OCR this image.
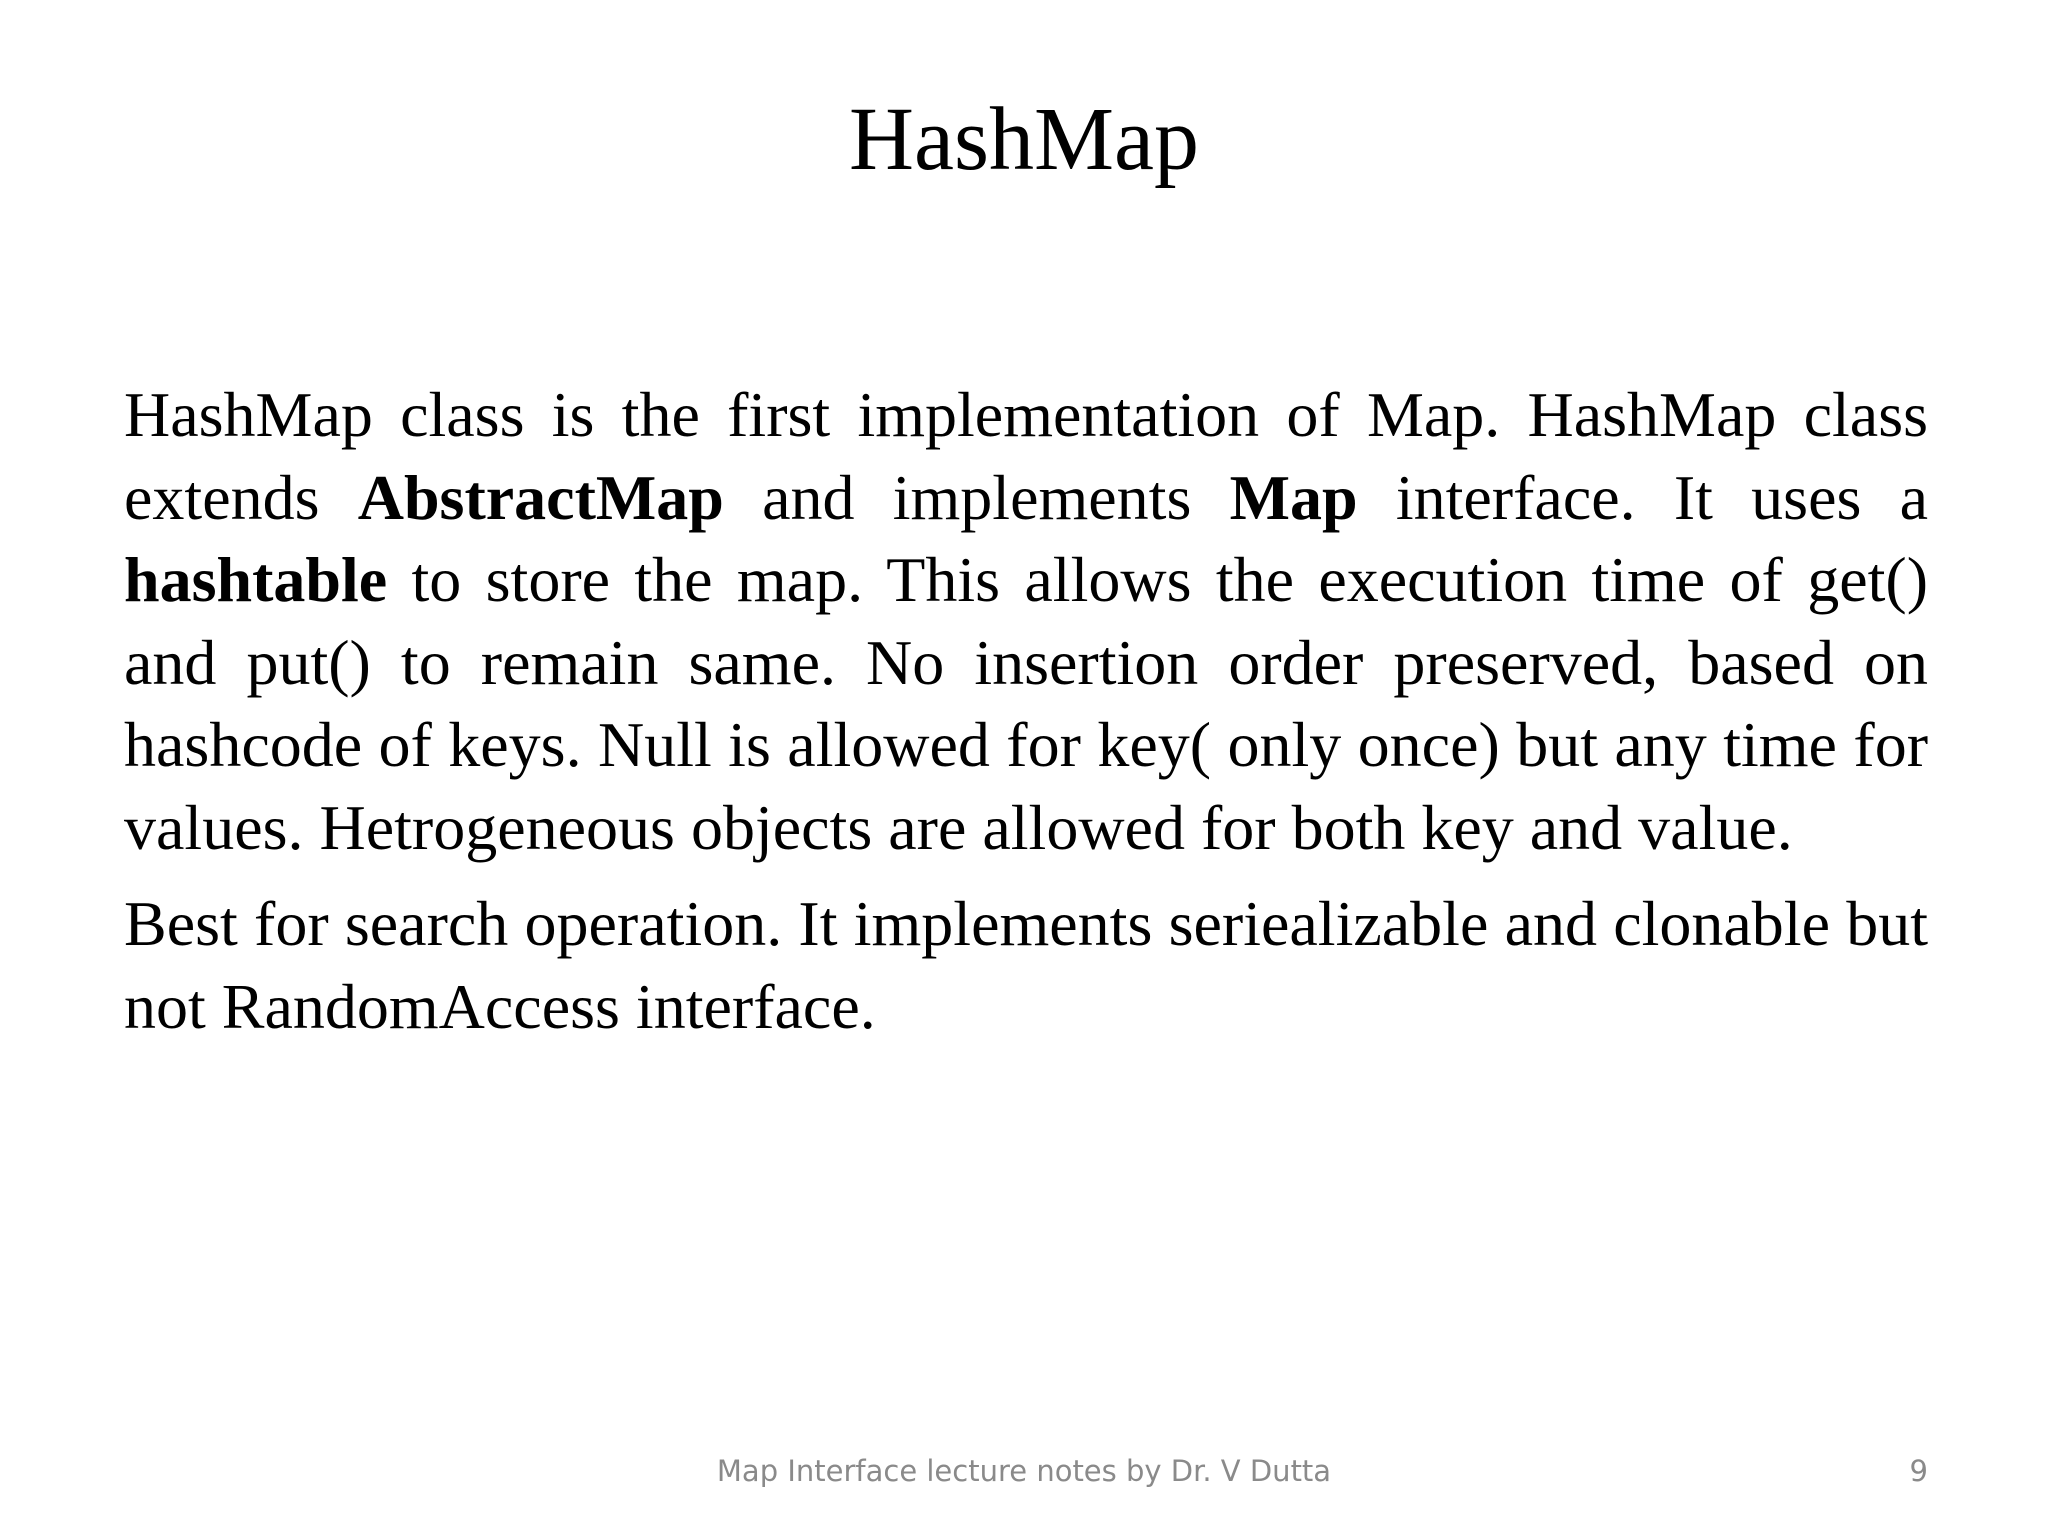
HashMap

HashMap class is the first implementation of Map. HashMap class extends AbstractMap and implements Map interface. It uses a hashtable to store the map. This allows the execution time of get() and put() to remain same. No insertion order preserved, based on hashcode of keys. Null is allowed for key( only once) but any time for values. Hetrogeneous objects are allowed for both key and value.

Best for search operation. It implements seriealizable and clonable but not RandomAccess interface.

Map Interface lecture notes by Dr. V Dutta	9
